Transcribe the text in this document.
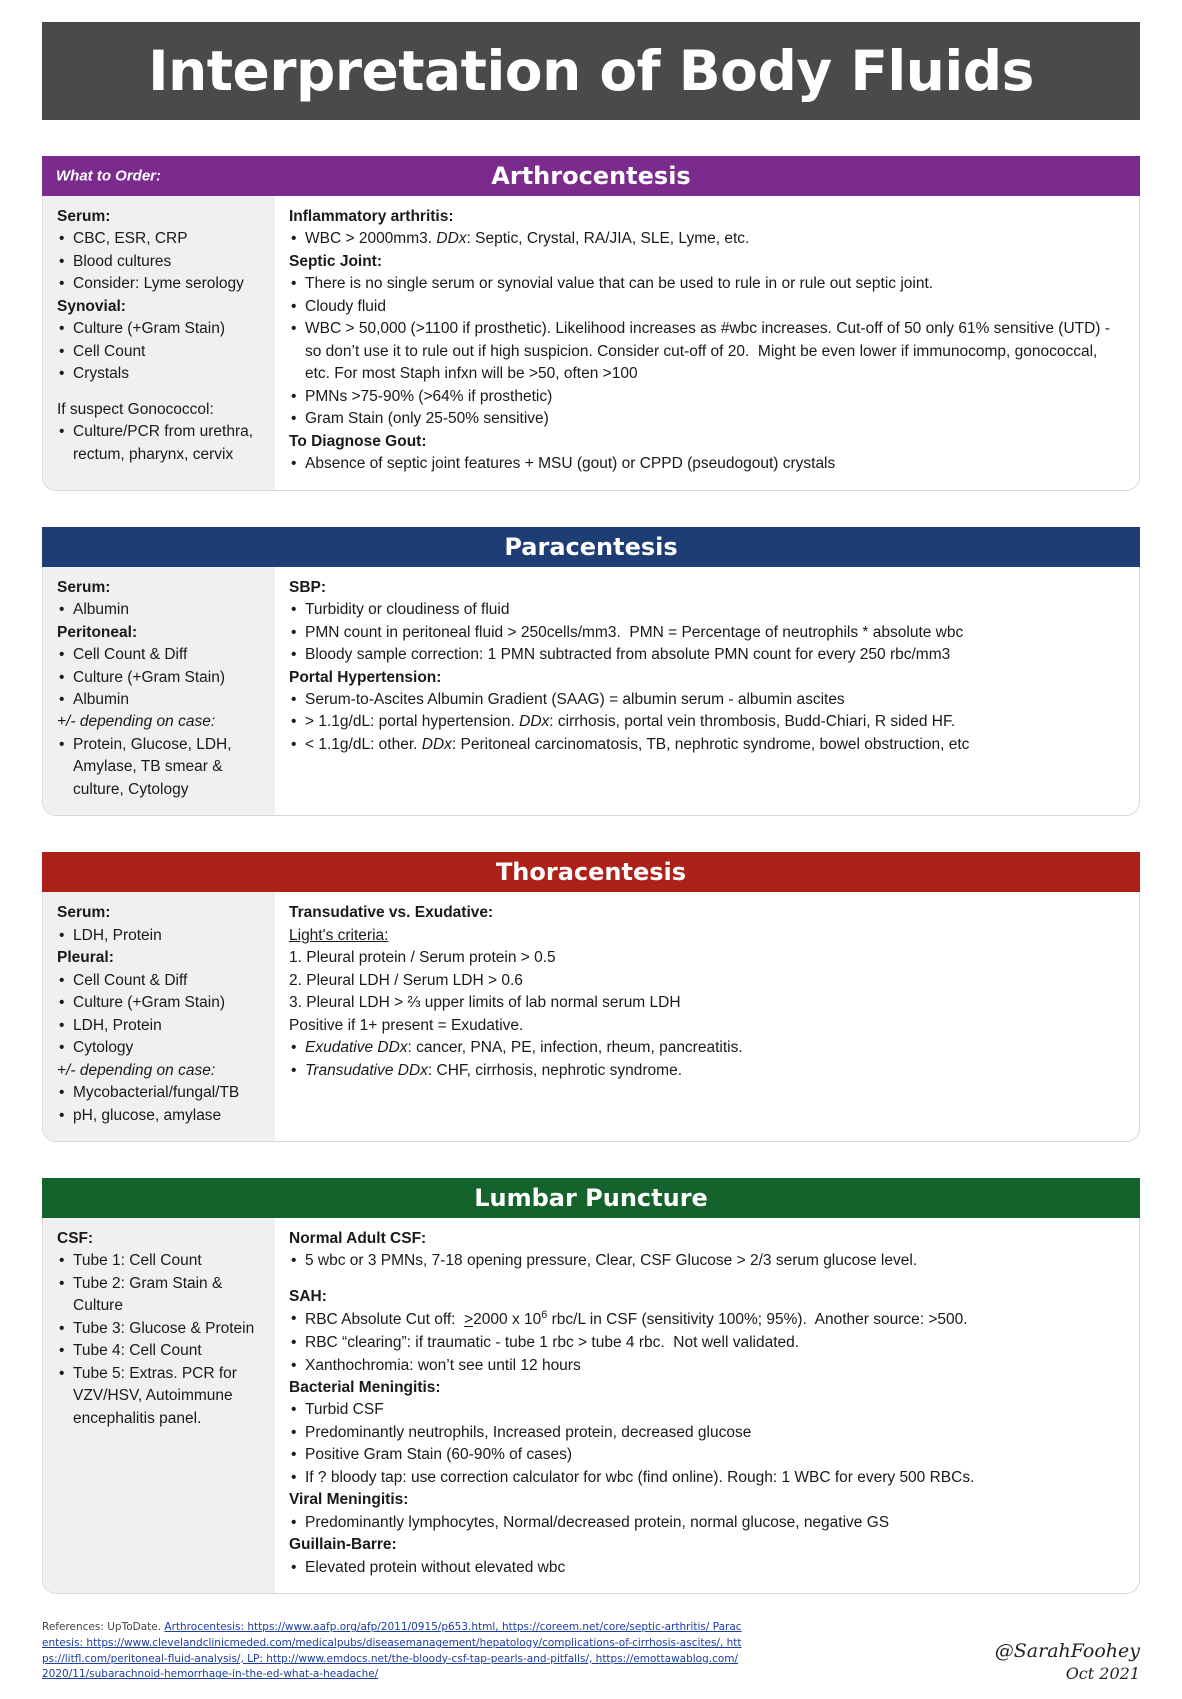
Interpretation of Body Fluids
What to Order:	Arthrocentesis

Serum:

• CBC, ESR, CRP

• Blood cultures

• Consider: Lyme serology

Synovial:

• Culture (+Gram Stain)

• Cell Count

• Crystals

If suspect Gonococcol:

• Culture/PCR from urethra, rectum, pharynx, cervix

Inflammatory arthritis:

• WBC > 2000mm3. DDx: Septic, Crystal, RA/JIA, SLE, Lyme, etc.

Septic Joint:

• There is no single serum or synovial value that can be used to rule in or rule out septic joint.

• Cloudy fluid

• WBC > 50,000 (>1100 if prosthetic). Likelihood increases as #wbc increases. Cut-off of 50 only 61% sensitive (UTD) - so don’t use it to rule out if high suspicion. Consider cut-off of 20.  Might be even lower if immunocomp, gonococcal, etc. For most Staph infxn will be >50, often >100

• PMNs >75-90% (>64% if prosthetic)

• Gram Stain (only 25-50% sensitive)

To Diagnose Gout:

• Absence of septic joint features + MSU (gout) or CPPD (pseudogout) crystals

Paracentesis

Serum:

• Albumin

Peritoneal:

• Cell Count & Diff

• Culture (+Gram Stain)

• Albumin

+/- depending on case:

• Protein, Glucose, LDH, Amylase, TB smear & culture, Cytology

SBP:

• Turbidity or cloudiness of fluid

• PMN count in peritoneal fluid > 250cells/mm3.  PMN = Percentage of neutrophils * absolute wbc

• Bloody sample correction: 1 PMN subtracted from absolute PMN count for every 250 rbc/mm3

Portal Hypertension:

• Serum-to-Ascites Albumin Gradient (SAAG) = albumin serum - albumin ascites

• > 1.1g/dL: portal hypertension. DDx: cirrhosis, portal vein thrombosis, Budd-Chiari, R sided HF.

• < 1.1g/dL: other. DDx: Peritoneal carcinomatosis, TB, nephrotic syndrome, bowel obstruction, etc

Thoracentesis

Serum:

• LDH, Protein

Pleural:

• Cell Count & Diff

• Culture (+Gram Stain)

• LDH, Protein

• Cytology

+/- depending on case:

• Mycobacterial/fungal/TB

• pH, glucose, amylase

Transudative vs. Exudative:

Light's criteria:

1. Pleural protein / Serum protein > 0.5

2. Pleural LDH / Serum LDH > 0.6

3. Pleural LDH > ⅔ upper limits of lab normal serum LDH

Positive if 1+ present = Exudative.

• Exudative DDx: cancer, PNA, PE, infection, rheum, pancreatitis.

• Transudative DDx: CHF, cirrhosis, nephrotic syndrome.

Lumbar Puncture

CSF:

• Tube 1: Cell Count

• Tube 2: Gram Stain & Culture

• Tube 3: Glucose & Protein

• Tube 4: Cell Count

• Tube 5: Extras. PCR for VZV/HSV, Autoimmune encephalitis panel.

Normal Adult CSF:

• 5 wbc or 3 PMNs, 7-18 opening pressure, Clear, CSF Glucose > 2/3 serum glucose level.

SAH:

• RBC Absolute Cut off:  >2000 x $10^6$ rbc/L in CSF (sensitivity 100%; 95%).  Another source: >500.

• RBC “clearing”: if traumatic - tube 1 rbc > tube 4 rbc.  Not well validated.

• Xanthochromia: won’t see until 12 hours

Bacterial Meningitis:

• Turbid CSF

• Predominantly neutrophils, Increased protein, decreased glucose

• Positive Gram Stain (60-90% of cases)

• If ? bloody tap: use correction calculator for wbc (find online). Rough: 1 WBC for every 500 RBCs.

Viral Meningitis:

• Predominantly lymphocytes, Normal/decreased protein, normal glucose, negative GS

Guillain-Barre:

• Elevated protein without elevated wbc

References: UpToDate. Arthrocentesis: https://www.aafp.org/afp/2011/0915/p653.html, https://coreem.net/core/septic-arthritis/ Paracentesis: https://www.clevelandclinicmeded.com/medicalpubs/diseasemanagement/hepatology/complications-of-cirrhosis-ascites/, https://litfl.com/peritoneal-fluid-analysis/, LP: http://www.emdocs.net/the-bloody-csf-tap-pearls-and-pitfalls/, https://emottawablog.com/2020/11/subarachnoid-hemorrhage-in-the-ed-what-a-headache/
@SarahFoohey
Oct 2021
